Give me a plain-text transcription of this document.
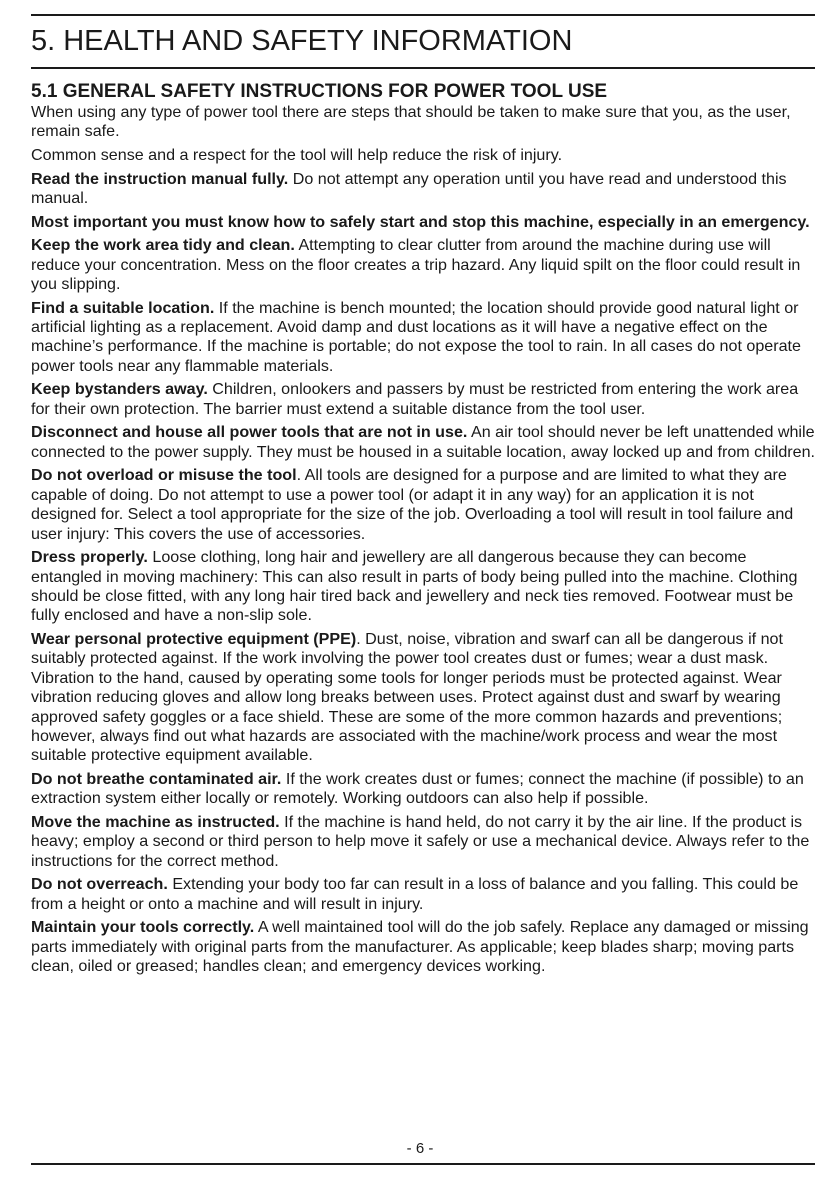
5. HEALTH AND SAFETY INFORMATION
5.1 GENERAL SAFETY INSTRUCTIONS FOR POWER TOOL USE

When using any type of power tool there are steps that should be taken to make sure that you, as the user, remain safe.

Common sense and a respect for the tool will help reduce the risk of injury.

Read the instruction manual fully. Do not attempt any operation until you have read and understood this manual.

Most important you must know how to safely start and stop this machine, especially in an emergency.

Keep the work area tidy and clean. Attempting to clear clutter from around the machine during use will reduce your concentration. Mess on the floor creates a trip hazard. Any liquid spilt on the floor could result in you slipping.

Find a suitable location. If the machine is bench mounted; the location should provide good natural light or artificial lighting as a replacement. Avoid damp and dust locations as it will have a negative effect on the machine’s performance. If the machine is portable; do not expose the tool to rain. In all cases do not operate power tools near any flammable materials.

Keep bystanders away. Children, onlookers and passers by must be restricted from entering the work area for their own protection. The barrier must extend a suitable distance from the tool user.

Disconnect and house all power tools that are not in use. An air tool should never be left unattended while connected to the power supply. They must be housed in a suitable location, away locked up and from children.

Do not overload or misuse the tool. All tools are designed for a purpose and are limited to what they are capable of doing. Do not attempt to use a power tool (or adapt it in any way) for an application it is not designed for. Select a tool appropriate for the size of the job. Overloading a tool will result in tool failure and user injury: This covers the use of accessories.

Dress properly. Loose clothing, long hair and jewellery are all dangerous because they can become entangled in moving machinery: This can also result in parts of body being pulled into the machine. Clothing should be close fitted, with any long hair tired back and jewellery and neck ties removed. Footwear must be fully enclosed and have a non-slip sole.

Wear personal protective equipment (PPE). Dust, noise, vibration and swarf can all be dangerous if not suitably protected against. If the work involving the power tool creates dust or fumes; wear a dust mask. Vibration to the hand, caused by operating some tools for longer periods must be protected against. Wear vibration reducing gloves and allow long breaks between uses. Protect against dust and swarf by wearing approved safety goggles or a face shield. These are some of the more common hazards and preventions; however, always find out what hazards are associated with the machine/work process and wear the most suitable protective equipment available.

Do not breathe contaminated air. If the work creates dust or fumes; connect the machine (if possible) to an extraction system either locally or remotely. Working outdoors can also help if possible.

Move the machine as instructed. If the machine is hand held, do not carry it by the air line. If the product is heavy; employ a second or third person to help move it safely or use a mechanical device. Always refer to the instructions for the correct method.

Do not overreach. Extending your body too far can result in a loss of balance and you falling. This could be from a height or onto a machine and will result in injury.

Maintain your tools correctly. A well maintained tool will do the job safely. Replace any damaged or missing parts immediately with original parts from the manufacturer. As applicable; keep blades sharp; moving parts clean, oiled or greased; handles clean; and emergency devices working.

- 6 -
